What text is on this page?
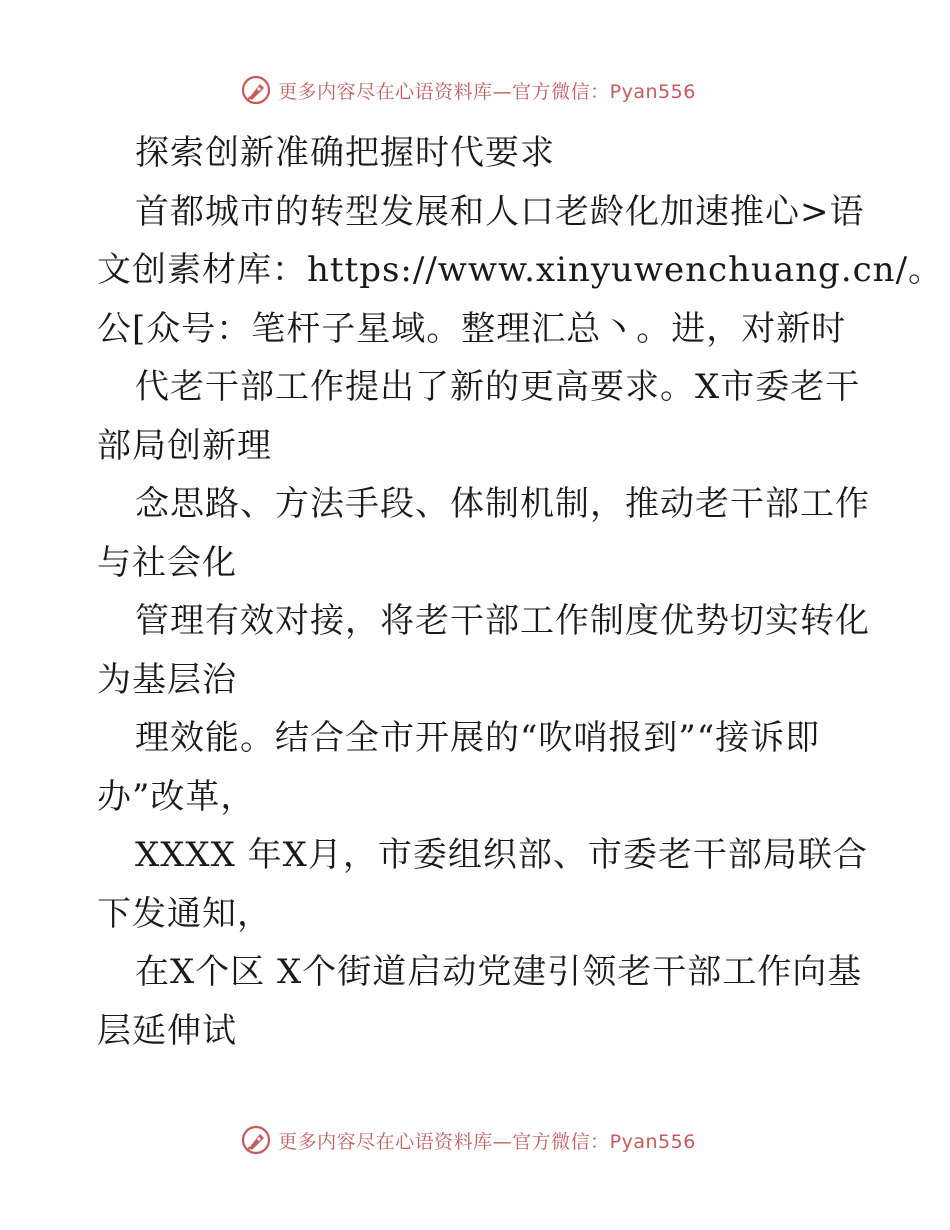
更多内容尽在心语资料库—官方微信：Pyan556
探索创新准确把握时代要求
首都城市的转型发展和人口老龄化加速推心>语
文创素材库：https://www.xinyuwenchuang.cn/。
公[众号：笔杆子星域。整理汇总丶。进，对新时
代老干部工作提出了新的更高要求。X市委老干
部局创新理
念思路、方法手段、体制机制，推动老干部工作
与社会化
管理有效对接，将老干部工作制度优势切实转化
为基层治
理效能。结合全市开展的“吹哨报到”“接诉即
办”改革，
XXXX 年X月，市委组织部、市委老干部局联合
下发通知，
在X个区 X个街道启动党建引领老干部工作向基
层延伸试
更多内容尽在心语资料库—官方微信：Pyan556
